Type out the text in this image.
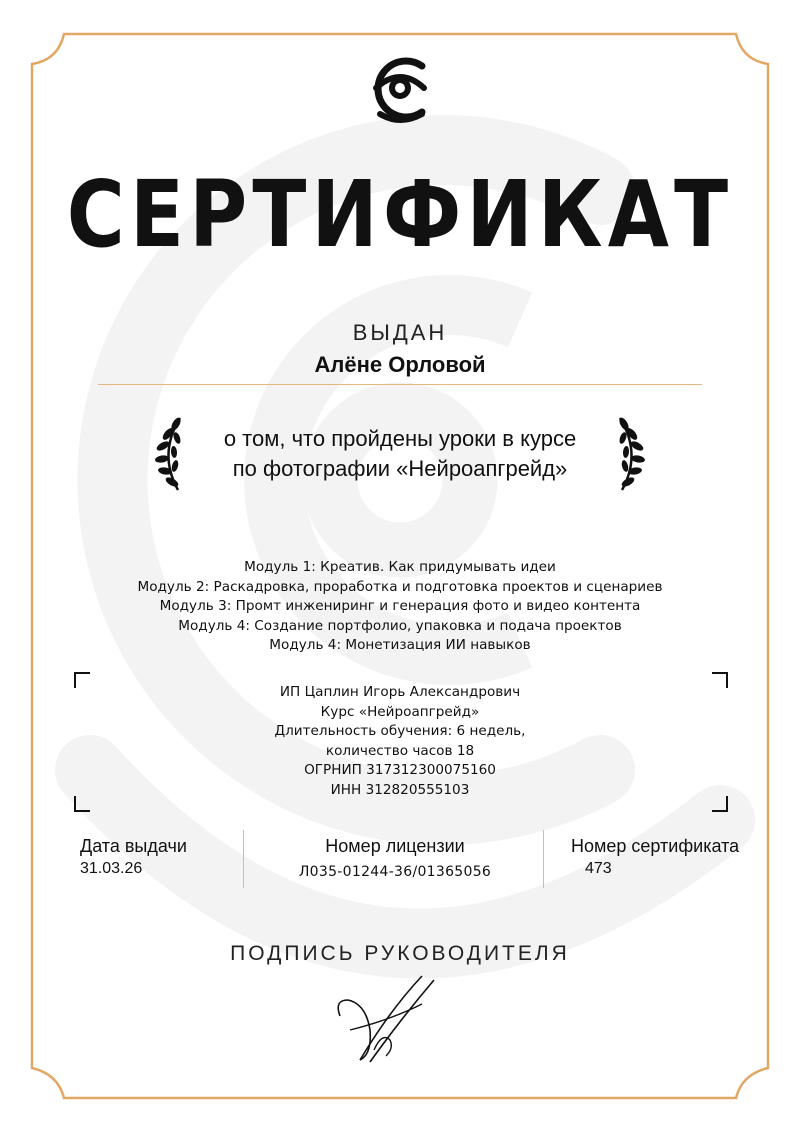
СЕРТИФИКАТ
ВЫДАН
Алёне Орловой
о том, что пройдены уроки в курсе
по фотографии «Нейроапгрейд»
Модуль 1: Креатив. Как придумывать идеи
Модуль 2: Раскадровка, проработка и подготовка проектов и сценариев
Модуль 3: Промт инжениринг и генерация фото и видео контента
Модуль 4: Создание портфолио, упаковка и подача проектов
Модуль 4: Монетизация ИИ навыков
ИП Цаплин Игорь Александрович
Курс «Нейроапгрейд»
Длительность обучения: 6 недель,
количество часов 18
ОГРНИП 317312300075160
ИНН 312820555103
Дата выдачи
31.03.26
Номер лицензии
Л035-01244-36/01365056
Номер сертификата
473
ПОДПИСЬ РУКОВОДИТЕЛЯ
